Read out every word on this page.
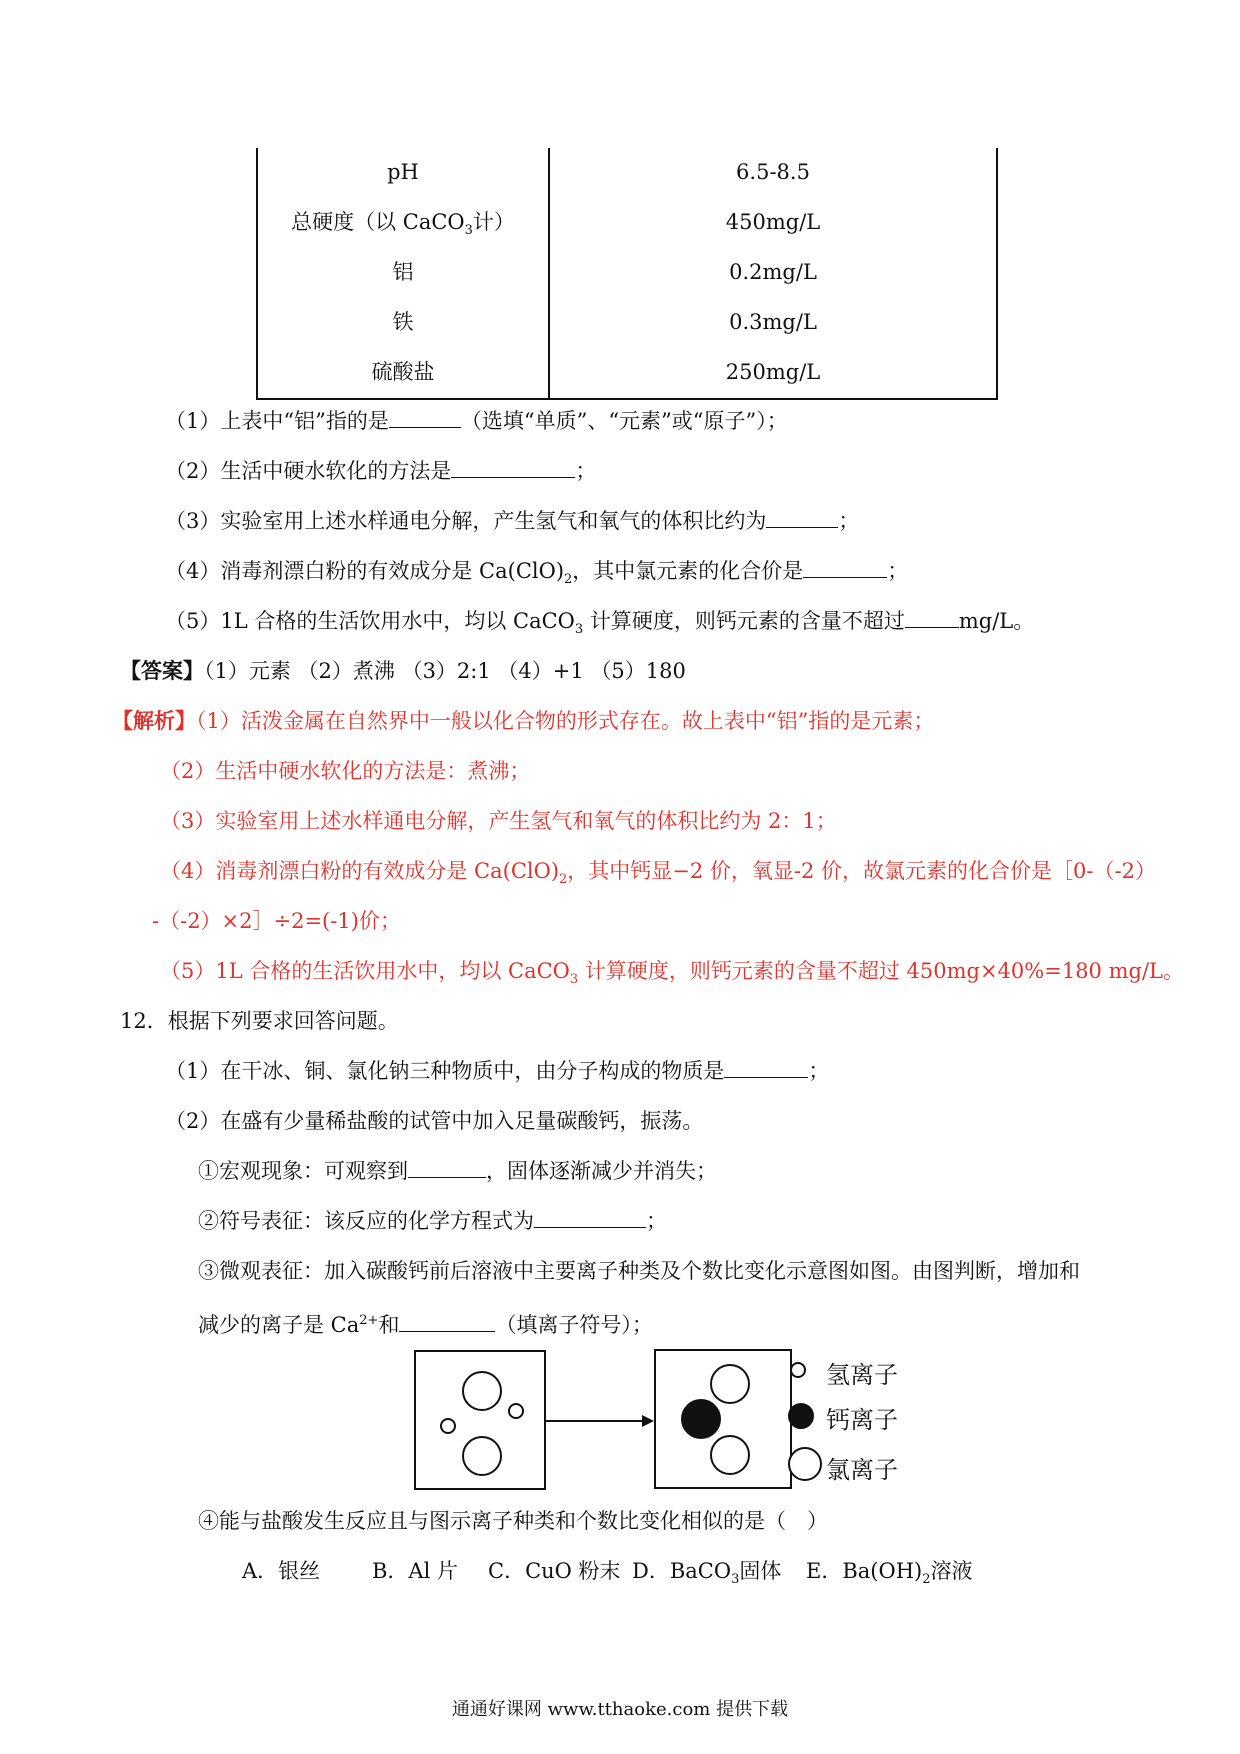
pH	6.5-8.5
总硬度（以 CaCO$_3$计）	450mg/L
铝	0.2mg/L
铁	0.3mg/L
硫酸盐	250mg/L
（1）上表中“铝”指的是	（选填“单质”、“元素”或“原子”）；
（2）生活中硬水软化的方法是	；
（3）实验室用上述水样通电分解，产生氢气和氧气的体积比约为	；
（4）消毒剂漂白粉的有效成分是 $Ca(ClO)_2$，其中氯元素的化合价是	；
（5）1L 合格的生活饮用水中，均以 CaCO$_3$ 计算硬度，则钙元素的含量不超过	mg/L。
【答案】（1）元素 （2）煮沸 （3）2:1 （4）+1 （5）180
【解析】（1）活泼金属在自然界中一般以化合物的形式存在。故上表中“铝”指的是元素；
（2）生活中硬水软化的方法是：煮沸；
（3）实验室用上述水样通电分解，产生氢气和氧气的体积比约为 2：1；
（4）消毒剂漂白粉的有效成分是 $Ca(ClO)_2$，其中钙显−2 价，氧显-2 价，故氯元素的化合价是［0-（-2）
-（-2）×2］÷2=(-1)价；
（5）1L 合格的生活饮用水中，均以 CaCO$_3$ 计算硬度，则钙元素的含量不超过 450mg×40%=180 mg/L。
12．根据下列要求回答问题。
（1）在干冰、铜、氯化钠三种物质中，由分子构成的物质是	；
（2）在盛有少量稀盐酸的试管中加入足量碳酸钙，振荡。
①宏观现象：可观察到	，固体逐渐减少并消失；
②符号表征：该反应的化学方程式为	；
③微观表征：加入碳酸钙前后溶液中主要离子种类及个数比变化示意图如图。由图判断，增加和
减少的离子是 $Ca^{2+}$和	（填离子符号）；
氢离子
钙离子
氯离子
④能与盐酸发生反应且与图示离子种类和个数比变化相似的是（　）
A．银丝 B．Al 片 C．CuO 粉末 D．BaCO$_3$固体 E．$Ba(OH)_2$溶液
通通好课网 www.tthaoke.com 提供下载
